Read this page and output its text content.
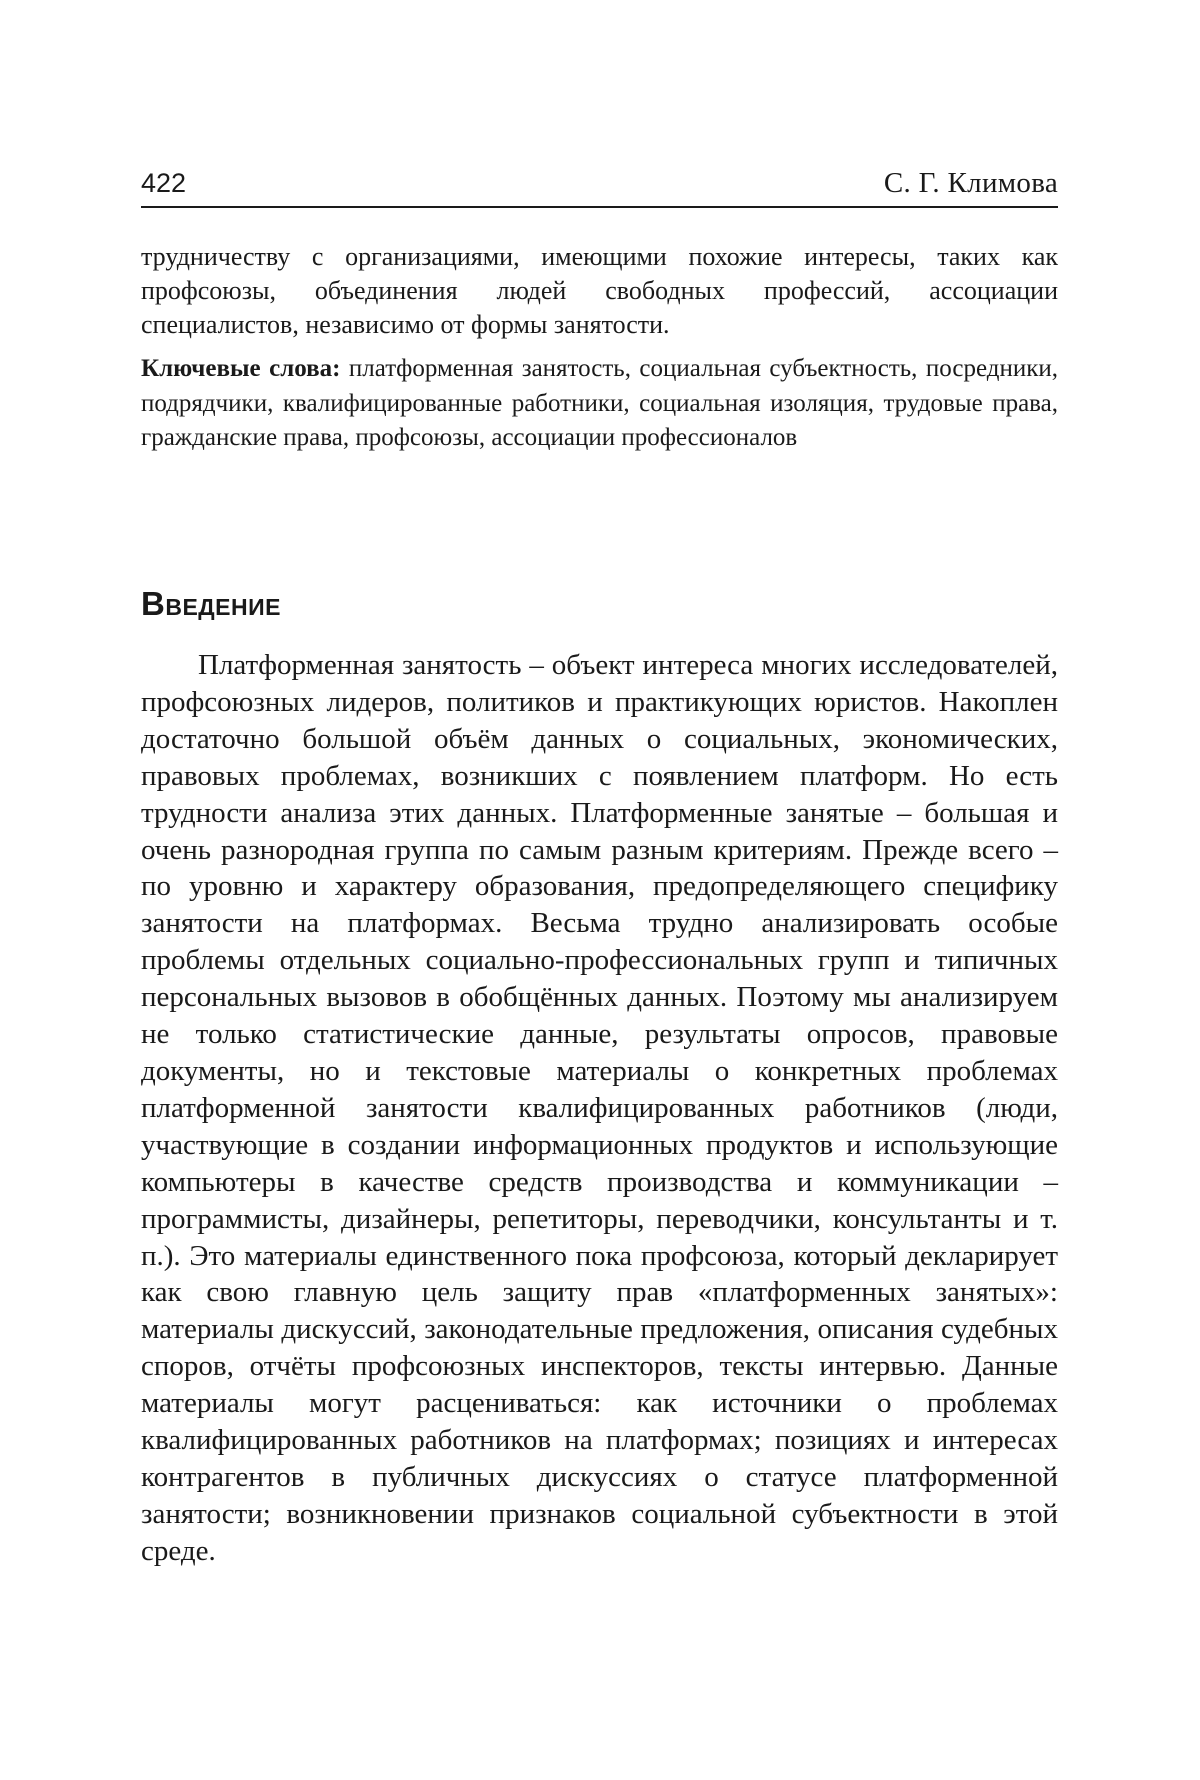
422	С. Г. Климова

трудничеству с организациями, имеющими похожие интересы, таких как профсоюзы, объединения людей свободных профессий, ассоциации специалистов, независимо от формы занятости.

Ключевые слова: платформенная занятость, социальная субъектность, посредники, подрядчики, квалифицированные работники, социальная изоляция, трудовые права, гражданские права, профсоюзы, ассоциации профессионалов

Введение

Платформенная занятость – объект интереса многих исследователей, профсоюзных лидеров, политиков и практикующих юристов. Накоплен достаточно большой объём данных о социальных, экономических, правовых проблемах, возникших с появлением платформ. Но есть трудности анализа этих данных. Платформенные занятые – большая и очень разнородная группа по самым разным критериям. Прежде всего – по уровню и характеру образования, предопределяющего специфику занятости на платформах. Весьма трудно анализировать особые проблемы отдельных социально-профессиональных групп и типичных персональных вызовов в обобщённых данных. Поэтому мы анализируем не только статистические данные, результаты опросов, правовые документы, но и текстовые материалы о конкретных проблемах платформенной занятости квалифицированных работников (люди, участвующие в создании информационных продуктов и использующие компьютеры в качестве средств производства и коммуникации – программисты, дизайнеры, репетиторы, переводчики, консультанты и т. п.). Это материалы единственного пока профсоюза, который декларирует как свою главную цель защиту прав «платформенных занятых»: материалы дискуссий, законодательные предложения, описания судебных споров, отчёты профсоюзных инспекторов, тексты интервью. Данные материалы могут расцениваться: как источники о проблемах квалифицированных работников на платформах; позициях и интересах контрагентов в публичных дискуссиях о статусе платформенной занятости; возникновении признаков социальной субъектности в этой среде.
